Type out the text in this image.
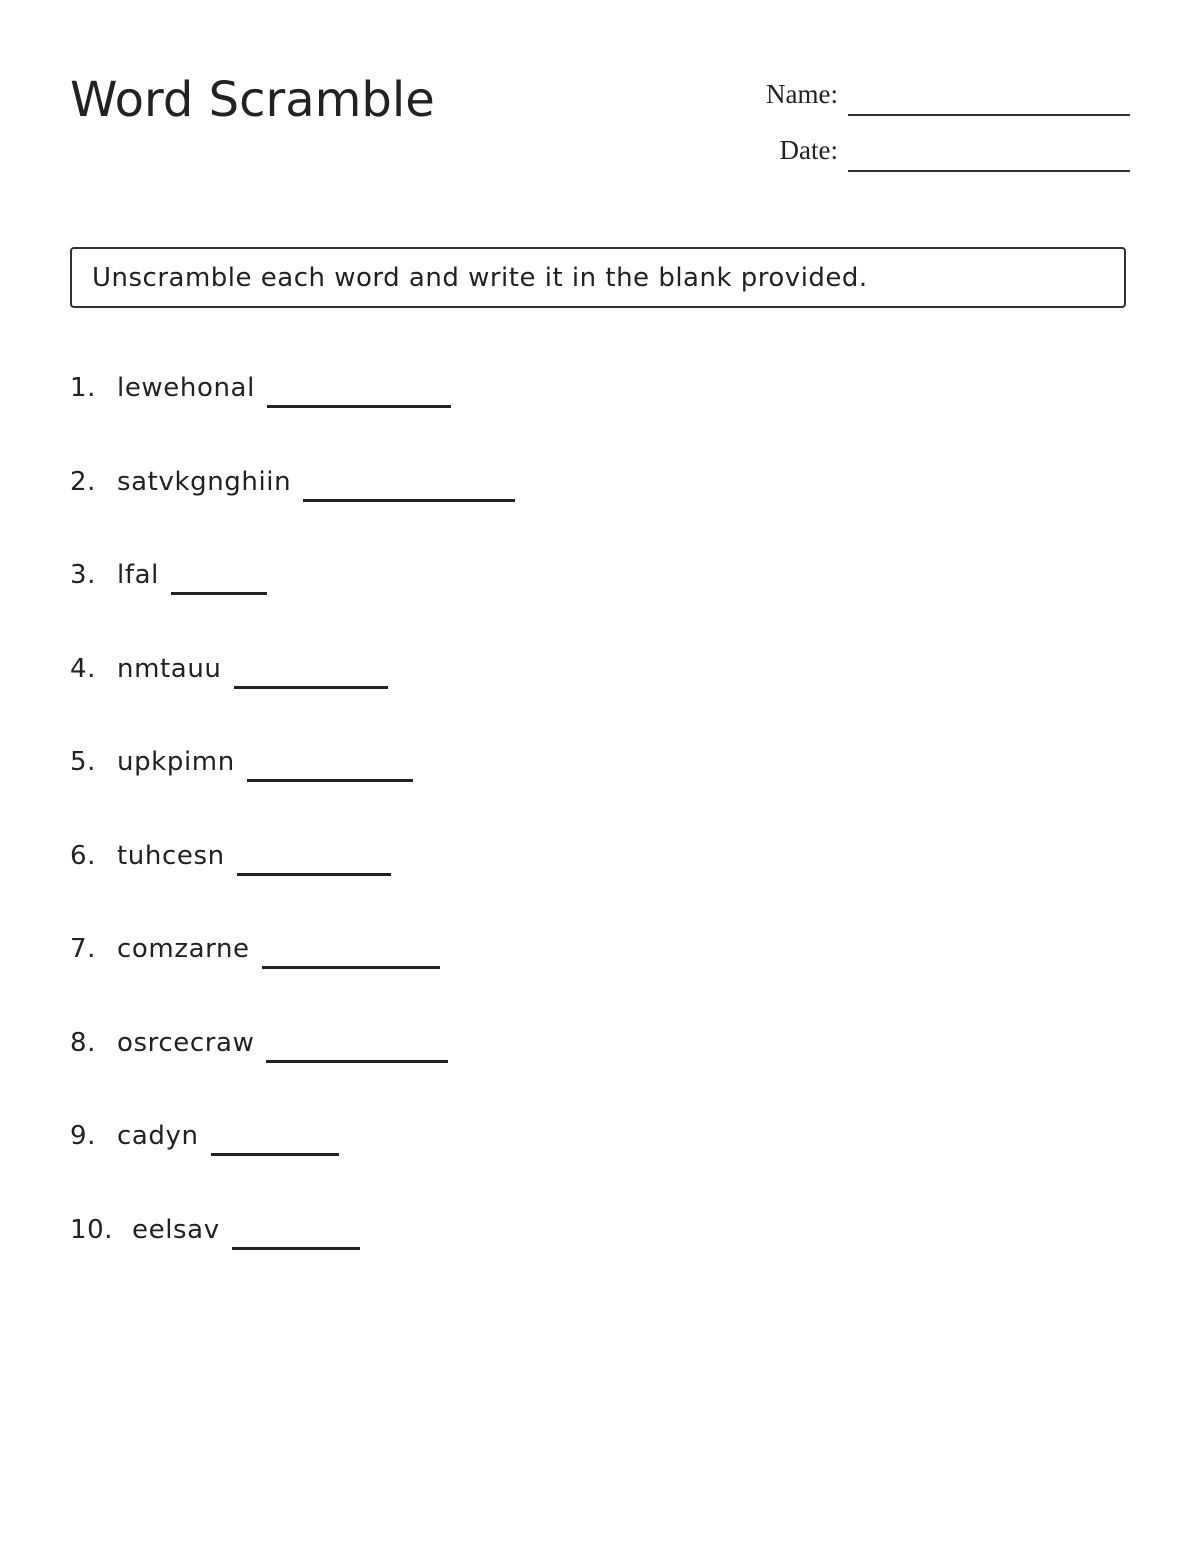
Word Scramble	Name:
Date:
Unscramble each word and write it in the blank provided.
1. lewehonal
2. satvkgnghiin
3. lfal
4. nmtauu
5. upkpimn
6. tuhcesn
7. comzarne
8. osrcecraw
9. cadyn
10. eelsav
